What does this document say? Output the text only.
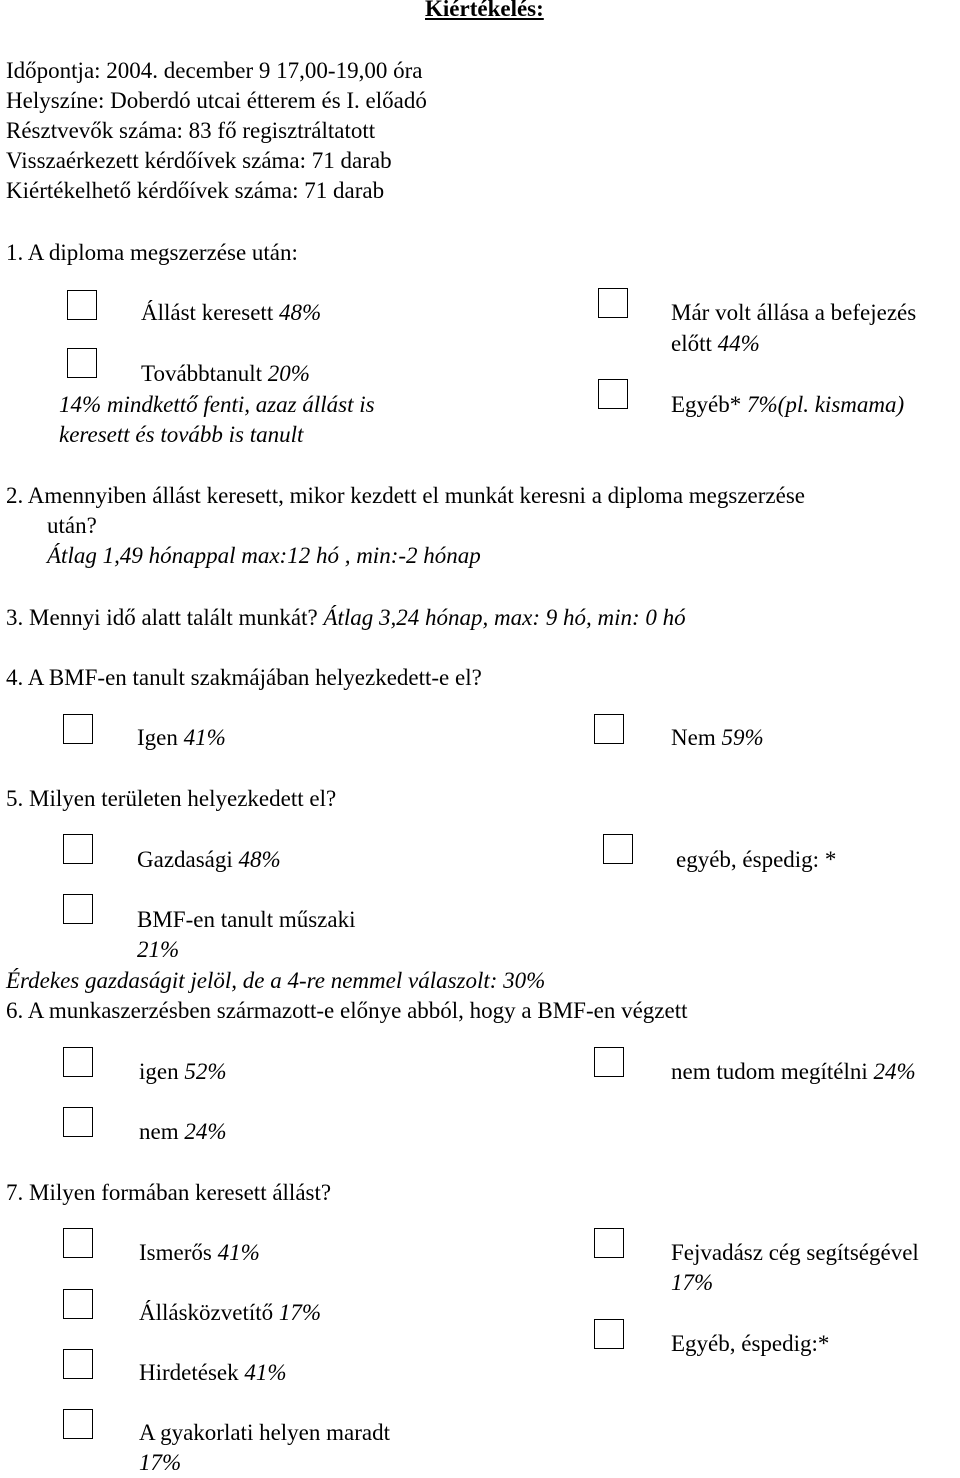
Kiértékelés:
Időpontja: 2004. december 9 17,00-19,00 óra
Helyszíne: Doberdó utcai étterem és I. előadó
Résztvevők száma: 83 fő regisztráltatott
Visszaérkezett kérdőívek száma: 71 darab
Kiértékelhető kérdőívek száma: 71 darab
1. A diploma megszerzése után:
Állást keresett 48%
Továbbtanult 20%
14% mindkettő fenti, azaz állást is
keresett és tovább is tanult
Már volt állása a befejezés
előtt 44%
Egyéb* 7%(pl. kismama)
2. Amennyiben állást keresett, mikor kezdett el munkát keresni a diploma megszerzése
után?
Átlag 1,49 hónappal max:12 hó , min:-2 hónap
3. Mennyi idő alatt talált munkát? Átlag 3,24 hónap, max: 9 hó, min: 0 hó
4. A BMF-en tanult szakmájában helyezkedett-e el?
Igen 41%	Nem 59%
5. Milyen területen helyezkedett el?
Gazdasági 48%	egyéb, éspedig: *
BMF-en tanult műszaki
21%
Érdekes gazdaságit jelöl, de a 4-re nemmel válaszolt: 30%
6. A munkaszerzésben származott-e előnye abból, hogy a BMF-en végzett
igen 52%	nem tudom megítélni 24%
nem 24%
7. Milyen formában keresett állást?
Ismerős 41%
Állásközvetítő 17%
Hirdetések 41%
A gyakorlati helyen maradt
17%
Fejvadász cég segítségével
17%
Egyéb, éspedig:*
